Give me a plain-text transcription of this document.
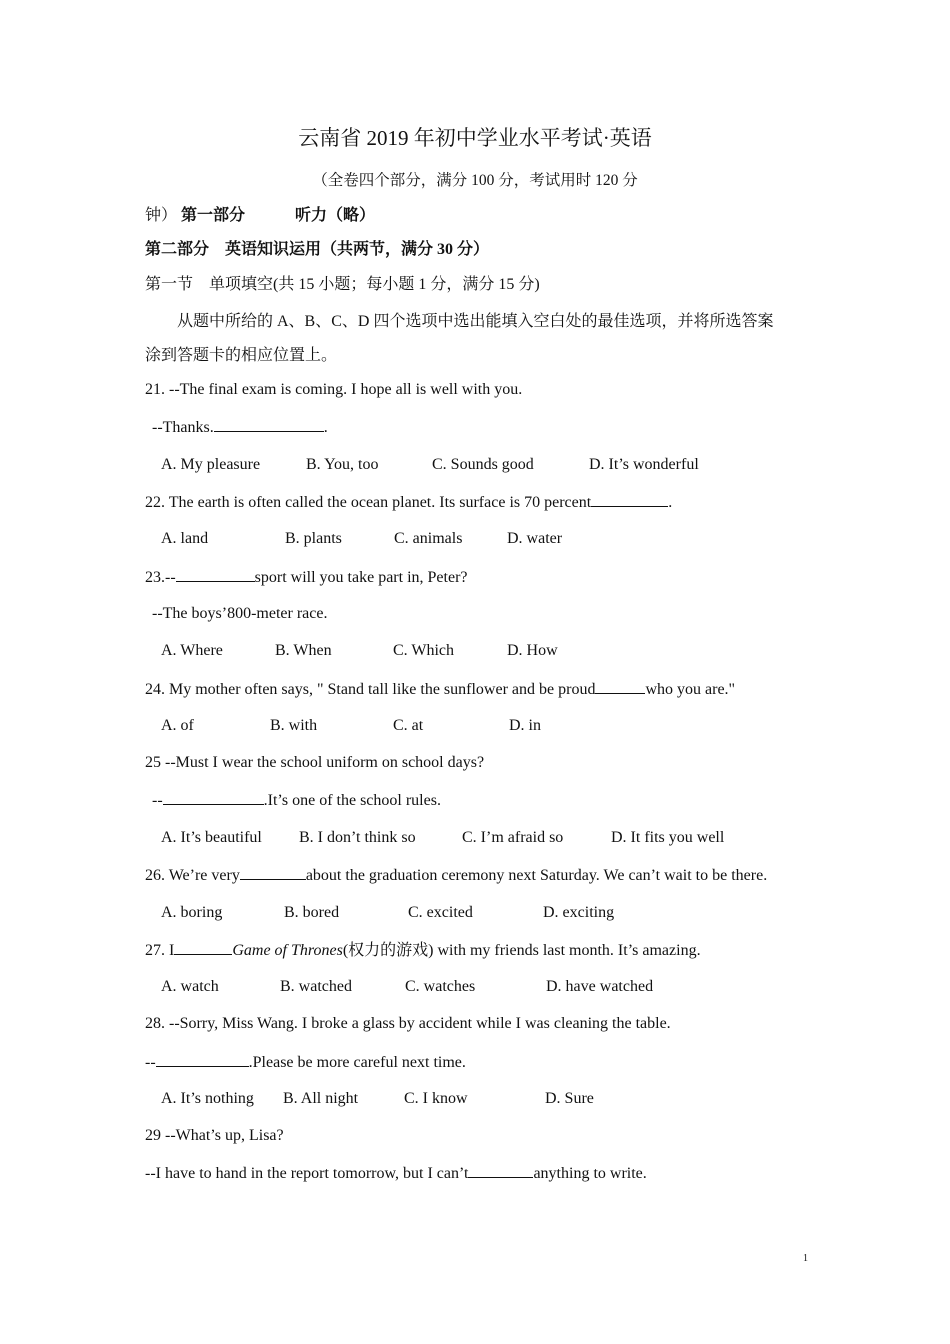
云南省 2019 年初中学业水平考试·英语
（全卷四个部分，满分 100 分，考试用时 120 分
钟） 第一部分	听力（略）
第二部分　英语知识运用（共两节，满分 30 分）
第一节　单项填空(共 15 小题；每小题 1 分，满分 15 分)
从题中所给的 A、B、C、D 四个选项中选出能填入空白处的最佳选项，并将所选答案
涂到答题卡的相应位置上。
21. --The final exam is coming. I hope all is well with you.
--Thanks.	.
A. My pleasure	B. You, too	C. Sounds good	D. It’s wonderful
22. The earth is often called the ocean planet. Its surface is 70 percent	.
A. land	B. plants	C. animals	D. water
23.--	sport will you take part in, Peter?
--The boys’800-meter race.
A. Where	B. When	C. Which	D. How
24. My mother often says, " Stand tall like the sunflower and be proud	who you are."
A. of	B. with	C. at	D. in
25 --Must I wear the school uniform on school days?
--	.It’s one of the school rules.
A. It’s beautiful B. I don’t think so	C. I’m afraid so	D. It fits you well
26. We’re very	about the graduation ceremony next Saturday. We can’t wait to be there.
A. boring	B. bored	C. excited	D. exciting
27. I	Game of Thrones(权力的游戏) with my friends last month. It’s amazing.
A. watch	B. watched	C. watches	D. have watched
28. --Sorry, Miss Wang. I broke a glass by accident while I was cleaning the table.
--	.Please be more careful next time.
A. It’s nothing B. All night	C. I know	D. Sure
29 --What’s up, Lisa?
--I have to hand in the report tomorrow, but I can’t	anything to write.
1
